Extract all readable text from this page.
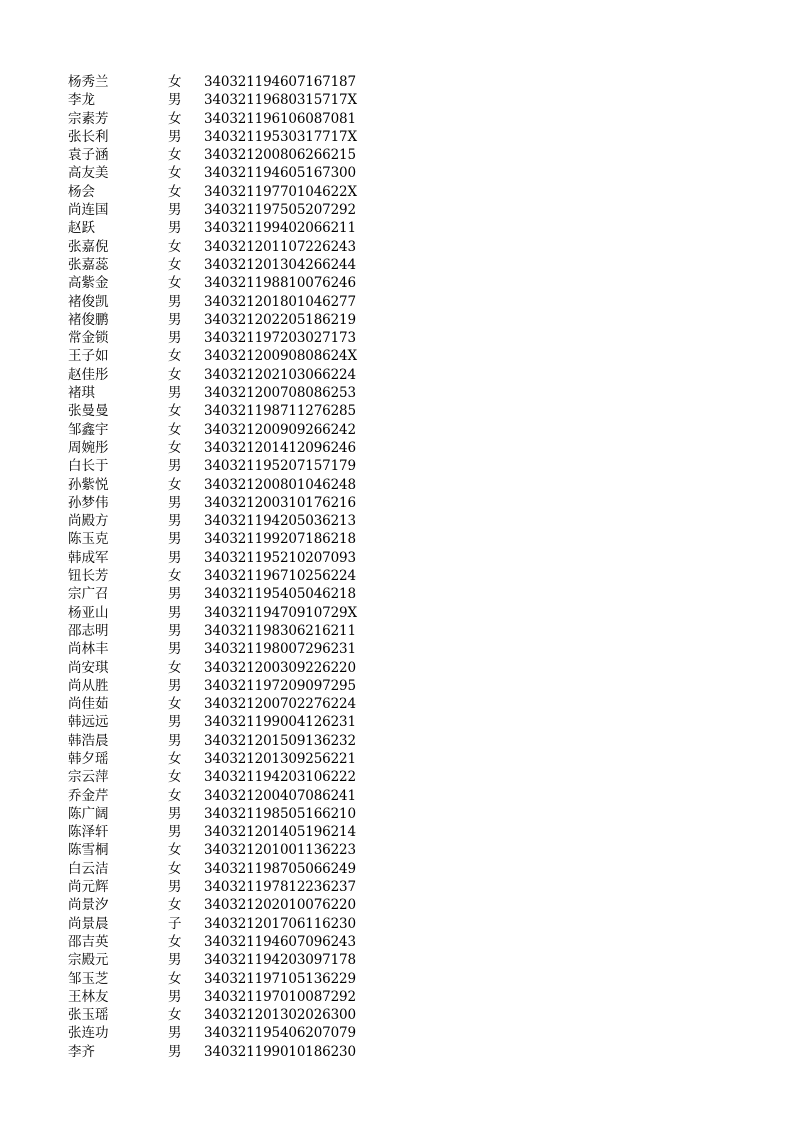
杨秀兰	女 340321194607167187
李龙	男 34032119680315717X
宗素芳	女 340321196106087081
张长利	男 34032119530317717X
袁子涵	女 340321200806266215
高友美	女 340321194605167300
杨会	女 34032119770104622X
尚连国	男 340321197505207292
赵跃	男 340321199402066211
张嘉倪	女 340321201107226243
张嘉蕊	女 340321201304266244
高紫金	女 340321198810076246
褚俊凯	男 340321201801046277
褚俊鹏	男 340321202205186219
常金锁	男 340321197203027173
王子如	女 34032120090808624X
赵佳彤	女 340321202103066224
褚琪	男 340321200708086253
张曼曼	女 340321198711276285
邹鑫宇	女 340321200909266242
周婉彤	女 340321201412096246
白长于	男 340321195207157179
孙紫悦	女 340321200801046248
孙梦伟	男 340321200310176216
尚殿方	男 340321194205036213
陈玉克	男 340321199207186218
韩成军	男 340321195210207093
钮长芳	女 340321196710256224
宗广召	男 340321195405046218
杨亚山	男 34032119470910729X
邵志明	男 340321198306216211
尚林丰	男 340321198007296231
尚安琪	女 340321200309226220
尚从胜	男 340321197209097295
尚佳茹	女 340321200702276224
韩远远	男 340321199004126231
韩浩晨	男 340321201509136232
韩夕瑶	女 340321201309256221
宗云萍	女 340321194203106222
乔金芹	女 340321200407086241
陈广阔	男 340321198505166210
陈泽轩	男 340321201405196214
陈雪桐	女 340321201001136223
白云洁	女 340321198705066249
尚元辉	男 340321197812236237
尚景汐	女 340321202010076220
尚景晨	子 340321201706116230
邵吉英	女 340321194607096243
宗殿元	男 340321194203097178
邹玉芝	女 340321197105136229
王林友	男 340321197010087292
张玉瑶	女 340321201302026300
张连功	男 340321195406207079
李齐	男 340321199010186230
